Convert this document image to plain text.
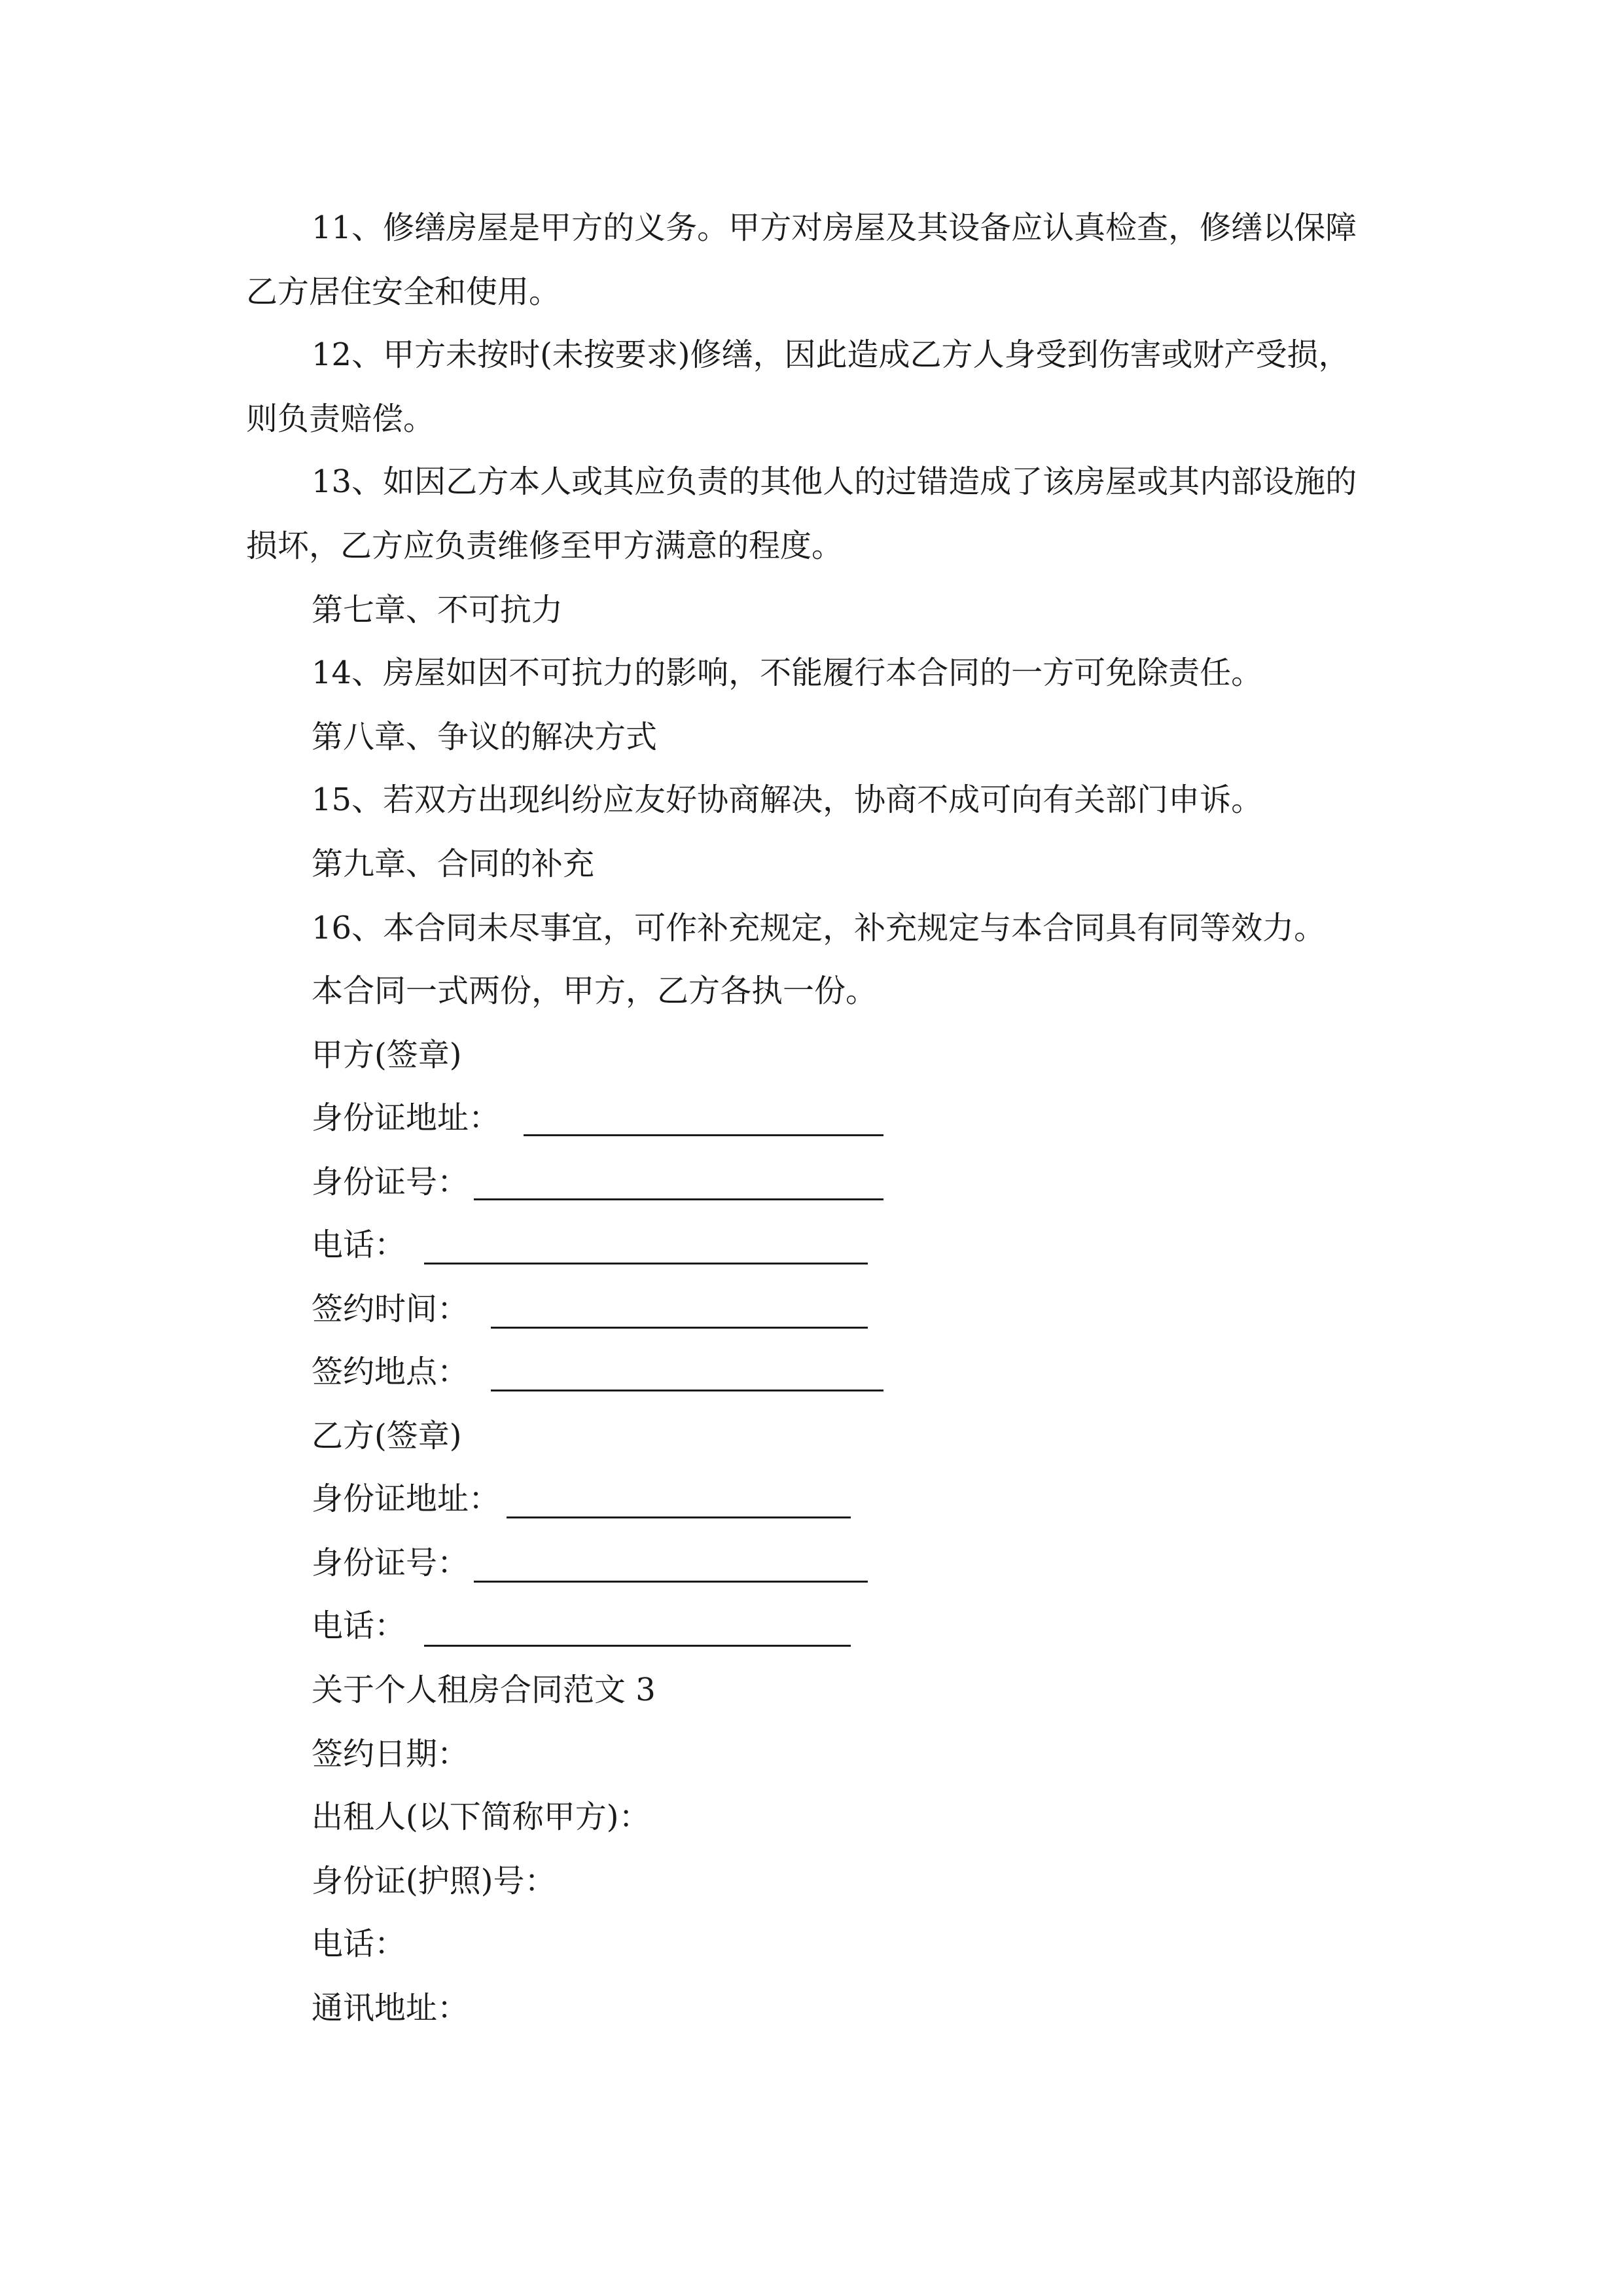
11、修缮房屋是甲方的义务。甲方对房屋及其设备应认真检查，修缮以保障
乙方居住安全和使用。
12、甲方未按时(未按要求)修缮，因此造成乙方人身受到伤害或财产受损，
则负责赔偿。
13、如因乙方本人或其应负责的其他人的过错造成了该房屋或其内部设施的
损坏，乙方应负责维修至甲方满意的程度。
第七章、不可抗力
14、房屋如因不可抗力的影响，不能履行本合同的一方可免除责任。
第八章、争议的解决方式
15、若双方出现纠纷应友好协商解决，协商不成可向有关部门申诉。
第九章、合同的补充
16、本合同未尽事宜，可作补充规定，补充规定与本合同具有同等效力。
本合同一式两份，甲方，乙方各执一份。
甲方(签章)
身份证地址：
身份证号：
电话：
签约时间：
签约地点：
乙方(签章)
身份证地址：
身份证号：
电话：
关于个人租房合同范文 3
签约日期：
出租人(以下简称甲方)：
身份证(护照)号：
电话：
通讯地址：
